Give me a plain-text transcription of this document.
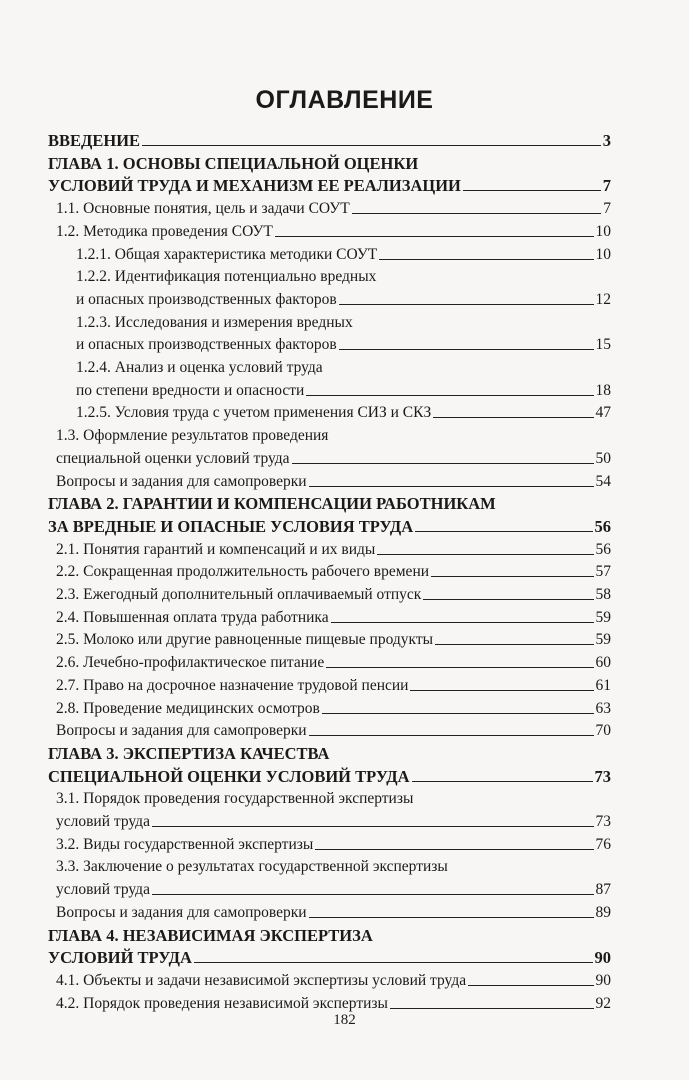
ОГЛАВЛЕНИЕ
ВВЕДЕНИЕ	3
ГЛАВА 1. ОСНОВЫ СПЕЦИАЛЬНОЙ ОЦЕНКИ
УСЛОВИЙ ТРУДА И МЕХАНИЗМ ЕЕ РЕАЛИЗАЦИИ	7
1.1. Основные понятия, цель и задачи СОУТ	7
1.2. Методика проведения СОУТ	10
1.2.1. Общая характеристика методики СОУТ	10
1.2.2. Идентификация потенциально вредных
и опасных производственных факторов	12
1.2.3. Исследования и измерения вредных
и опасных производственных факторов	15
1.2.4. Анализ и оценка условий труда
по степени вредности и опасности	18
1.2.5. Условия труда с учетом применения СИЗ и СКЗ	47
1.3. Оформление результатов проведения
специальной оценки условий труда	50
Вопросы и задания для самопроверки	54
ГЛАВА 2. ГАРАНТИИ И КОМПЕНСАЦИИ РАБОТНИКАМ
ЗА ВРЕДНЫЕ И ОПАСНЫЕ УСЛОВИЯ ТРУДА	56
2.1. Понятия гарантий и компенсаций и их виды	56
2.2. Сокращенная продолжительность рабочего времени	57
2.3. Ежегодный дополнительный оплачиваемый отпуск	58
2.4. Повышенная оплата труда работника	59
2.5. Молоко или другие равноценные пищевые продукты	59
2.6. Лечебно-профилактическое питание	60
2.7. Право на досрочное назначение трудовой пенсии	61
2.8. Проведение медицинских осмотров	63
Вопросы и задания для самопроверки	70
ГЛАВА 3. ЭКСПЕРТИЗА КАЧЕСТВА
СПЕЦИАЛЬНОЙ ОЦЕНКИ УСЛОВИЙ ТРУДА	73
3.1. Порядок проведения государственной экспертизы
условий труда	73
3.2. Виды государственной экспертизы	76
3.3. Заключение о результатах государственной экспертизы
условий труда	87
Вопросы и задания для самопроверки	89
ГЛАВА 4. НЕЗАВИСИМАЯ ЭКСПЕРТИЗА
УСЛОВИЙ ТРУДА	90
4.1. Объекты и задачи независимой экспертизы условий труда	90
4.2. Порядок проведения независимой экспертизы	92
182
